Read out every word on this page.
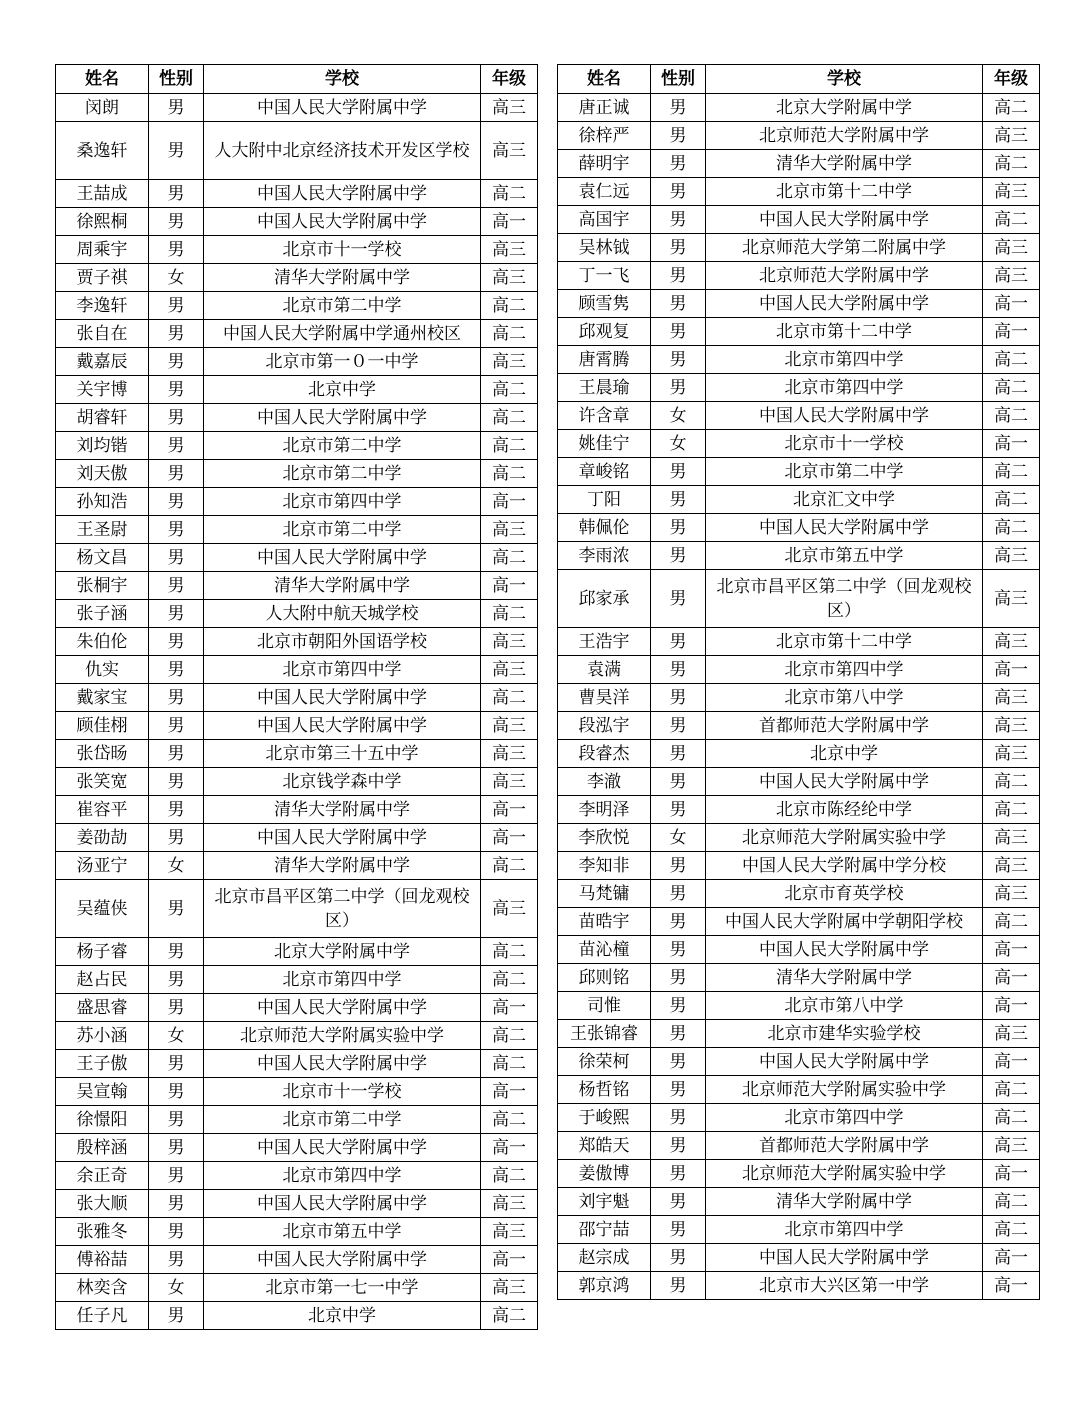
姓名	性别	学校	年级
闵朗	男	中国人民大学附属中学	高三
桑逸轩	男	人大附中北京经济技术开发区学校	高三
王喆成	男	中国人民大学附属中学	高二
徐熙桐	男	中国人民大学附属中学	高一
周乘宇	男	北京市十一学校	高三
贾子祺	女	清华大学附属中学	高三
李逸轩	男	北京市第二中学	高二
张自在	男	中国人民大学附属中学通州校区	高二
戴嘉辰	男	北京市第一０一中学	高三
关宇博	男	北京中学	高二
胡睿轩	男	中国人民大学附属中学	高二
刘均锴	男	北京市第二中学	高二
刘天傲	男	北京市第二中学	高二
孙知浩	男	北京市第四中学	高一
王圣尉	男	北京市第二中学	高三
杨文昌	男	中国人民大学附属中学	高二
张桐宇	男	清华大学附属中学	高一
张子涵	男	人大附中航天城学校	高二
朱伯伦	男	北京市朝阳外国语学校	高三
仇实	男	北京市第四中学	高三
戴家宝	男	中国人民大学附属中学	高二
顾佳栩	男	中国人民大学附属中学	高三
张岱旸	男	北京市第三十五中学	高三
张笑宽	男	北京钱学森中学	高三
崔容平	男	清华大学附属中学	高一
姜劭劼	男	中国人民大学附属中学	高一
汤亚宁	女	清华大学附属中学	高二
吴蕴侠	男	北京市昌平区第二中学（回龙观校区）	高三
杨子睿	男	北京大学附属中学	高二
赵占民	男	北京市第四中学	高二
盛思睿	男	中国人民大学附属中学	高一
苏小涵	女	北京师范大学附属实验中学	高二
王子傲	男	中国人民大学附属中学	高二
吴宣翰	男	北京市十一学校	高一
徐憬阳	男	北京市第二中学	高二
殷梓涵	男	中国人民大学附属中学	高一
余正奇	男	北京市第四中学	高二
张大顺	男	中国人民大学附属中学	高三
张雅冬	男	北京市第五中学	高三
傅裕喆	男	中国人民大学附属中学	高一
林奕含	女	北京市第一七一中学	高三
任子凡	男	北京中学	高二
姓名	性别	学校	年级
唐正诚	男	北京大学附属中学	高二
徐梓严	男	北京师范大学附属中学	高三
薛明宇	男	清华大学附属中学	高二
袁仁远	男	北京市第十二中学	高三
高国宇	男	中国人民大学附属中学	高二
吴林钺	男	北京师范大学第二附属中学	高三
丁一飞	男	北京师范大学附属中学	高三
顾雪隽	男	中国人民大学附属中学	高一
邱观复	男	北京市第十二中学	高一
唐霄腾	男	北京市第四中学	高二
王晨瑜	男	北京市第四中学	高二
许含章	女	中国人民大学附属中学	高二
姚佳宁	女	北京市十一学校	高一
章峻铭	男	北京市第二中学	高二
丁阳	男	北京汇文中学	高二
韩佩伦	男	中国人民大学附属中学	高二
李雨浓	男	北京市第五中学	高三
邱家承	男	北京市昌平区第二中学（回龙观校区）	高三
王浩宇	男	北京市第十二中学	高三
袁满	男	北京市第四中学	高一
曹昊洋	男	北京市第八中学	高三
段泓宇	男	首都师范大学附属中学	高三
段睿杰	男	北京中学	高三
李澈	男	中国人民大学附属中学	高二
李明泽	男	北京市陈经纶中学	高二
李欣悦	女	北京师范大学附属实验中学	高三
李知非	男	中国人民大学附属中学分校	高三
马梵镛	男	北京市育英学校	高三
苗晧宇	男	中国人民大学附属中学朝阳学校	高二
苗沁橦	男	中国人民大学附属中学	高一
邱则铭	男	清华大学附属中学	高一
司惟	男	北京市第八中学	高一
王张锦睿	男	北京市建华实验学校	高三
徐荣柯	男	中国人民大学附属中学	高一
杨哲铭	男	北京师范大学附属实验中学	高二
于峻熙	男	北京市第四中学	高二
郑皓天	男	首都师范大学附属中学	高三
姜傲博	男	北京师范大学附属实验中学	高一
刘宇魁	男	清华大学附属中学	高二
邵宁喆	男	北京市第四中学	高二
赵宗成	男	中国人民大学附属中学	高一
郭京鸿	男	北京市大兴区第一中学	高一
